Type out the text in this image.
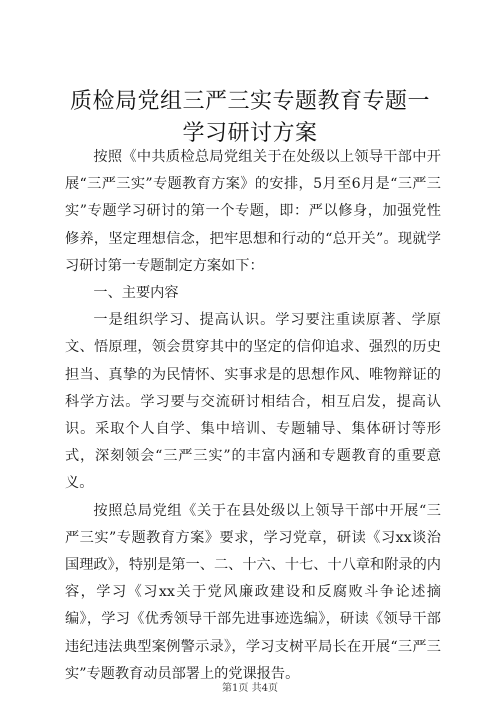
质检局党组三严三实专题教育专题一学习研讨方案

按照《中共质检总局党组关于在处级以上领导干部中开展“三严三实”专题教育方案》的安排，5月至6月是“三严三实”专题学习研讨的第一个专题，即：严以修身，加强党性修养，坚定理想信念，把牢思想和行动的“总开关”。现就学习研讨第一专题制定方案如下：

一、主要内容

一是组织学习、提高认识。学习要注重读原著、学原文、悟原理，领会贯穿其中的坚定的信仰追求、强烈的历史担当、真挚的为民情怀、实事求是的思想作风、唯物辩证的科学方法。学习要与交流研讨相结合，相互启发，提高认识。采取个人自学、集中培训、专题辅导、集体研讨等形式，深刻领会“三严三实”的丰富内涵和专题教育的重要意义。

按照总局党组《关于在县处级以上领导干部中开展“三严三实”专题教育方案》要求，学习党章，研读《习xx谈治国理政》，特别是第一、二、十六、十七、十八章和附录的内容，学习《习xx关于党风廉政建设和反腐败斗争论述摘编》，学习《优秀领导干部先进事迹选编》，研读《领导干部违纪违法典型案例警示录》，学习支树平局长在开展“三严三实”专题教育动员部署上的党课报告。

第1页 共4页
